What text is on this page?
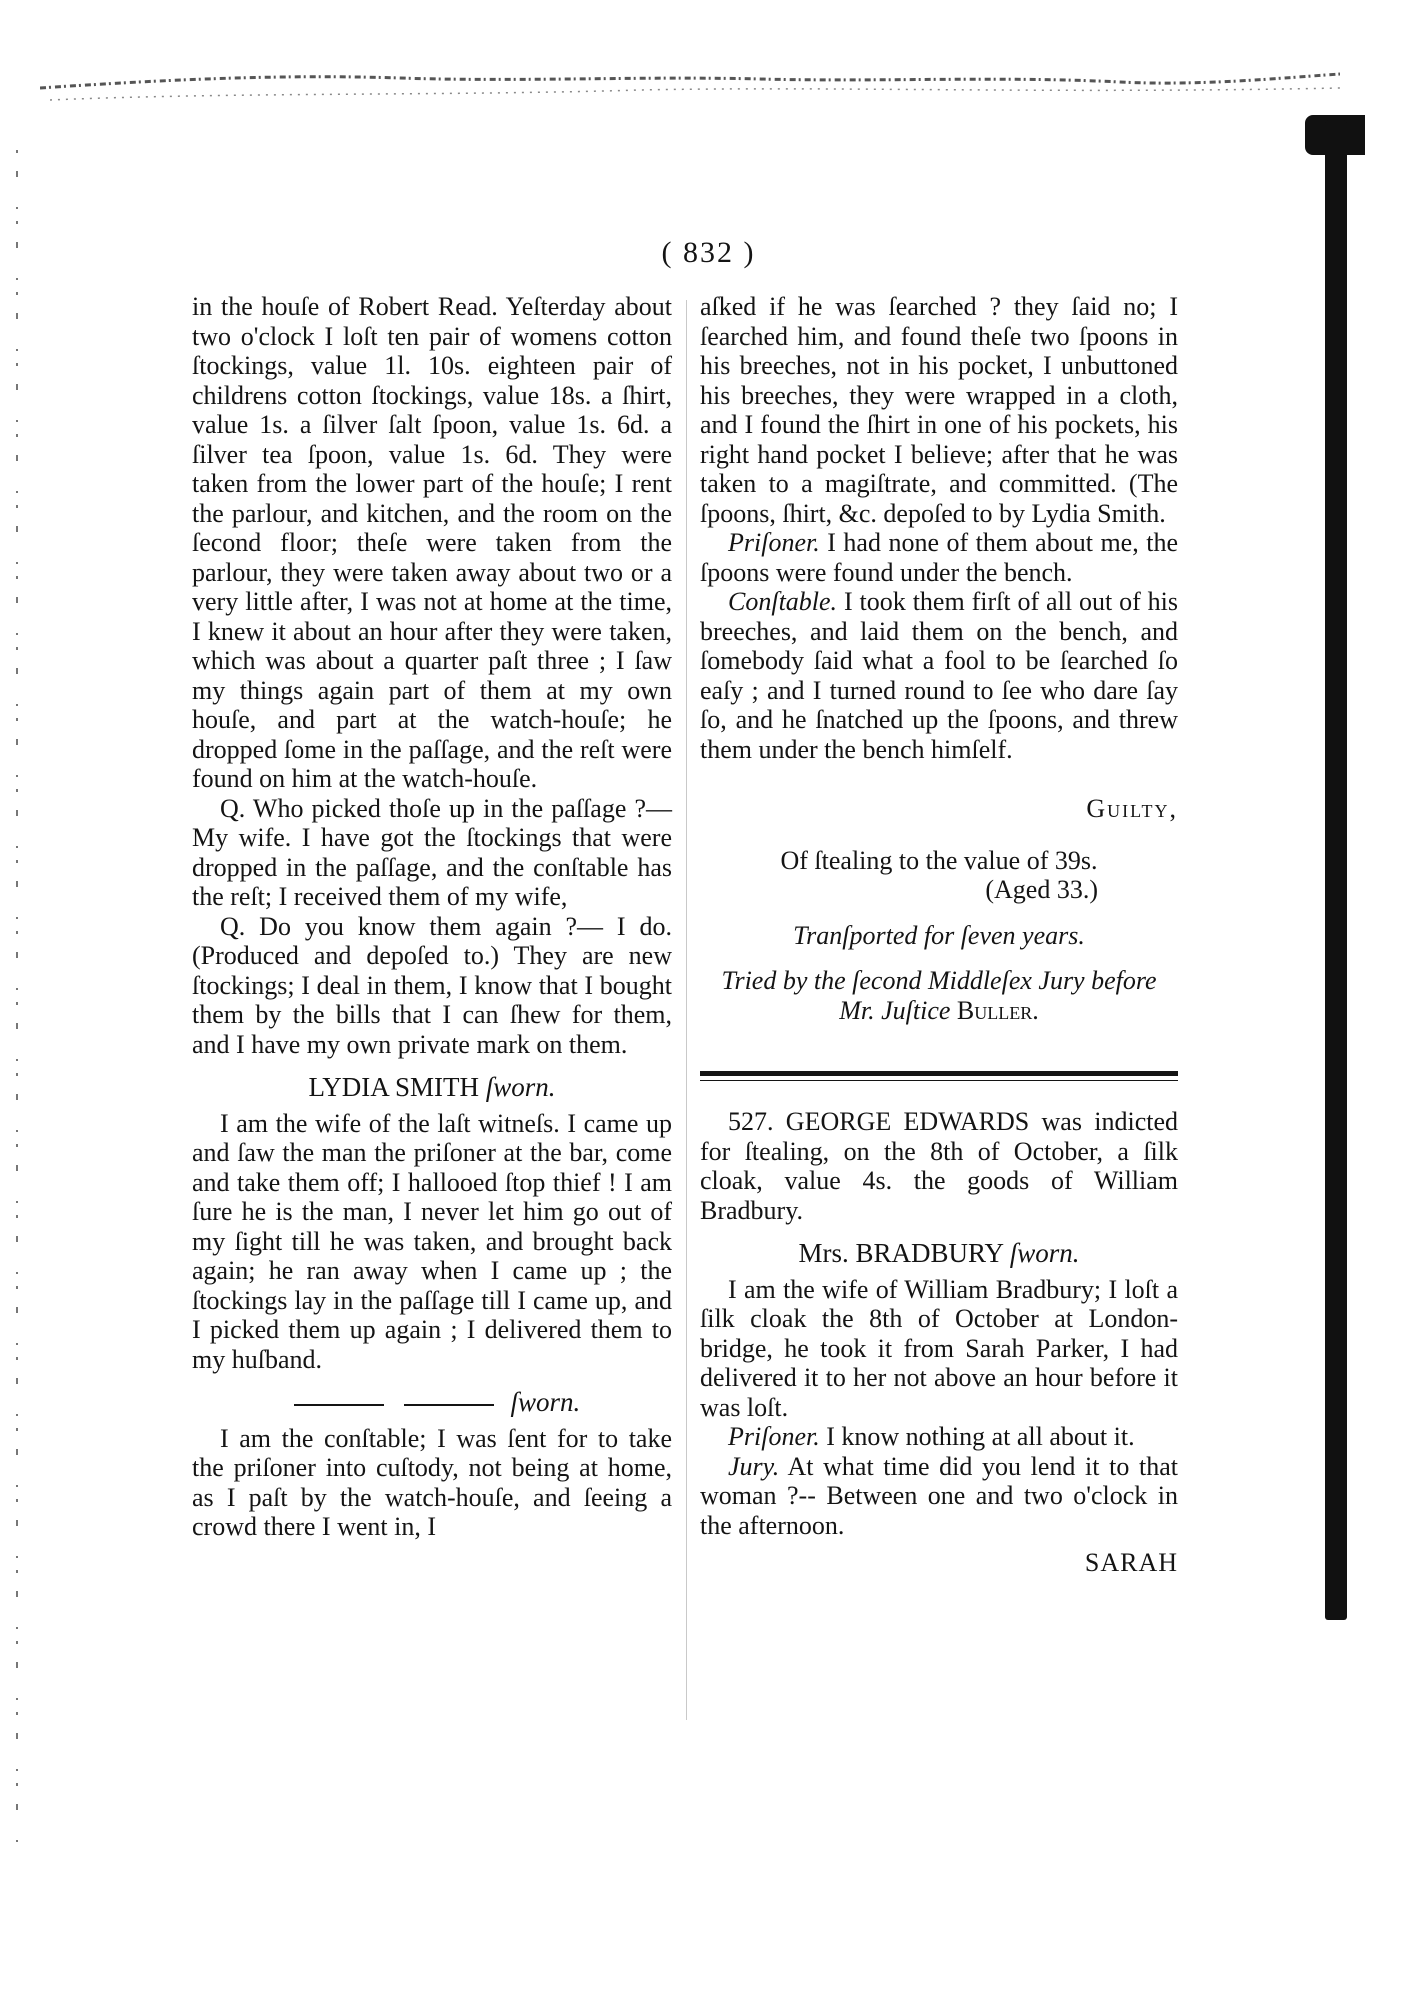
( 832 )

in the houſe of Robert Read. Yeſterday about two o'clock I loſt ten pair of womens cotton ſtockings, value 1l. 10s. eighteen pair of childrens cotton ſtockings, value 18s. a ſhirt, value 1s. a ſilver ſalt ſpoon, value 1s. 6d. a ſilver tea ſpoon, value 1s. 6d. They were taken from the lower part of the houſe; I rent the parlour, and kitchen, and the room on the ſecond floor; theſe were taken from the parlour, they were taken away about two or a very little after, I was not at home at the time, I knew it about an hour after they were taken, which was about a quarter paſt three ; I ſaw my things again part of them at my own houſe, and part at the watch-houſe; he dropped ſome in the paſſage, and the reſt were found on him at the watch-houſe.

Q. Who picked thoſe up in the paſſage ?— My wife. I have got the ſtockings that were dropped in the paſſage, and the conſtable has the reſt; I received them of my wife,

Q. Do you know them again ?— I do. (Produced and depoſed to.) They are new ſtockings; I deal in them, I know that I bought them by the bills that I can ſhew for them, and I have my own private mark on them.

LYDIA SMITH ſworn.

I am the wife of the laſt witneſs. I came up and ſaw the man the priſoner at the bar, come and take them off; I hallooed ſtop thief ! I am ſure he is the man, I never let him go out of my ſight till he was taken, and brought back again; he ran away when I came up ; the ſtockings lay in the paſſage till I came up, and I picked them up again ; I delivered them to my huſband.

ſworn.

I am the conſtable; I was ſent for to take the priſoner into cuſtody, not being at home, as I paſt by the watch-houſe, and ſeeing a crowd there I went in, I

aſked if he was ſearched ? they ſaid no; I ſearched him, and found theſe two ſpoons in his breeches, not in his pocket, I unbuttoned his breeches, they were wrapped in a cloth, and I found the ſhirt in one of his pockets, his right hand pocket I believe; after that he was taken to a magiſtrate, and committed. (The ſpoons, ſhirt, &c. depoſed to by Lydia Smith.

Priſoner. I had none of them about me, the ſpoons were found under the bench.

Conſtable. I took them firſt of all out of his breeches, and laid them on the bench, and ſomebody ſaid what a fool to be ſearched ſo eaſy ; and I turned round to ſee who dare ſay ſo, and he ſnatched up the ſpoons, and threw them under the bench himſelf.

Guilty,
Of ſtealing to the value of 39s.
(Aged 33.)
Tranſported for ſeven years.
Tried by the ſecond Middleſex Jury before
Mr. Juſtice Buller.

527. GEORGE EDWARDS was indicted for ſtealing, on the 8th of October, a ſilk cloak, value 4s. the goods of William Bradbury.

Mrs. BRADBURY ſworn.

I am the wife of William Bradbury; I loſt a ſilk cloak the 8th of October at London-bridge, he took it from Sarah Parker, I had delivered it to her not above an hour before it was loſt.

Priſoner. I know nothing at all about it.

Jury. At what time did you lend it to that woman ?-- Between one and two o'clock in the afternoon.

SARAH
